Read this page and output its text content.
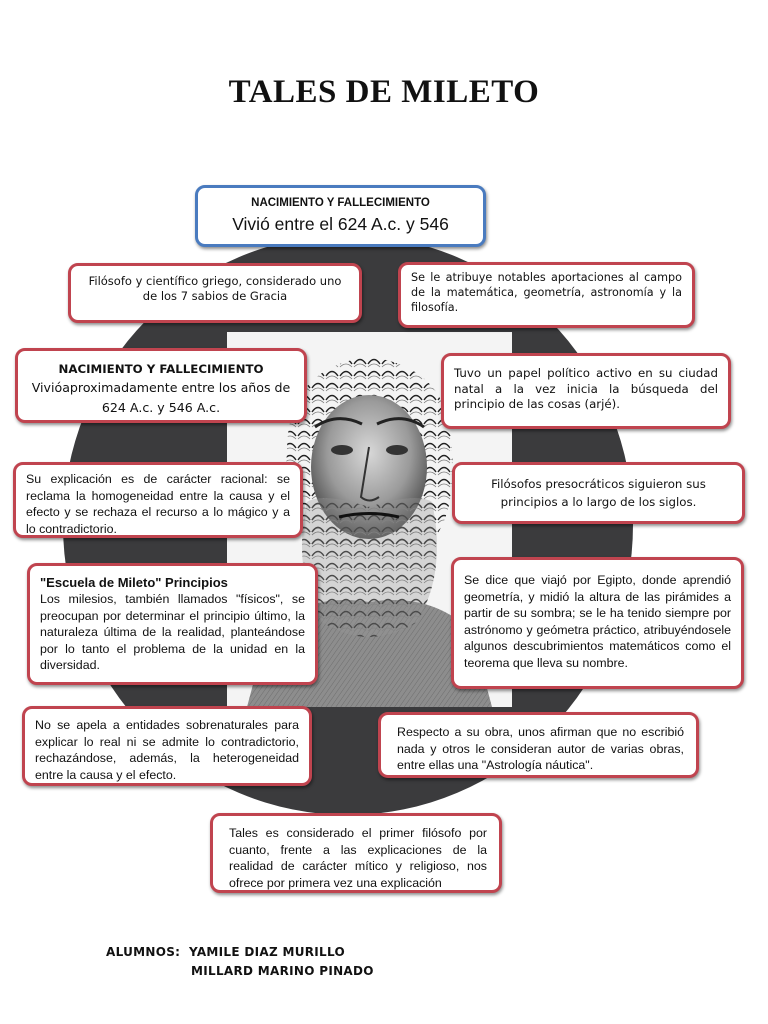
TALES DE MILETO
NACIMIENTO Y FALLECIMIENTO
Vivió entre el 624 A.c. y 546
Filósofo y científico griego, considerado uno de los 7 sabios de Gracia
NACIMIENTO Y FALLECIMIENTO
Vivióaproximadamente entre los años de 624 A.c. y 546 A.c.
Su explicación es de carácter racional: se reclama la homogeneidad entre la causa y el efecto y se rechaza el recurso a lo mágico y a lo contradictorio.
"Escuela de Mileto" Principios
Los milesios, también llamados "físicos", se preocupan por determinar el principio último, la naturaleza última de la realidad, planteándose por lo tanto el problema de la unidad en la diversidad.
No se apela a entidades sobrenaturales para explicar lo real ni se admite lo contradictorio, rechazándose, además, la heterogeneidad entre la causa y el efecto.
Se le atribuye notables aportaciones al campo de la matemática, geometría, astronomía y la filosofía.
Tuvo un papel político activo en su ciudad natal a la vez inicia la búsqueda del principio de las cosas (arjé).
Filósofos presocráticos siguieron sus principios a lo largo de los siglos.
Se dice que viajó por Egipto, donde aprendió geometría, y midió la altura de las pirámides a partir de su sombra; se le ha tenido siempre por astrónomo y geómetra práctico, atribuyéndosele algunos descubrimientos matemáticos como el teorema que lleva su nombre.
Respecto a su obra, unos afirman que no escribió nada y otros le consideran autor de varias obras, entre ellas una "Astrología náutica".
Tales es considerado el primer filósofo por cuanto, frente a las explicaciones de la realidad de carácter mítico y religioso, nos ofrece por primera vez una explicación
ALUMNOS: YAMILE DIAZ MURILLO
MILLARD MARINO PINADO
